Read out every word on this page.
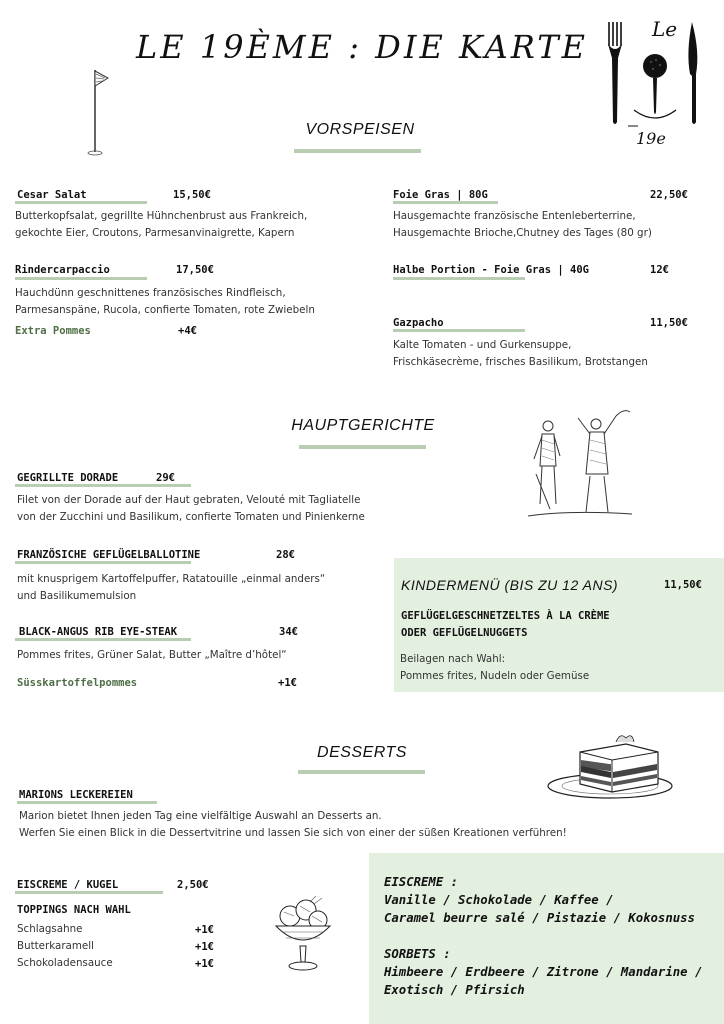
LE 19ÈME : DIE KARTE	Le
19e
VORSPEISEN
Cesar Salat	15,50€
Butterkopfsalat, gegrillte Hühnchenbrust aus Frankreich,
gekochte Eier, Croutons, Parmesanvinaigrette, Kapern
Rindercarpaccio	17,50€
Hauchdünn geschnittenes französisches Rindfleisch,
Parmesanspäne, Rucola, confierte Tomaten, rote Zwiebeln
Extra Pommes	+4€
Foie Gras | 80G	22,50€
Hausgemachte französische Entenleberterrine,
Hausgemachte Brioche,Chutney des Tages (80 gr)
Halbe Portion - Foie Gras | 40G	12€
Gazpacho	11,50€
Kalte Tomaten - und Gurkensuppe,
Frischkäsecrème, frisches Basilikum, Brotstangen
HAUPTGERICHTE
GEGRILLTE DORADE	29€
Filet von der Dorade auf der Haut gebraten, Velouté mit Tagliatelle
von der Zucchini und Basilikum, confierte Tomaten und Pinienkerne
FRANZÖSICHE GEFLÜGELBALLOTINE	28€
mit knusprigem Kartoffelpuffer, Ratatouille „einmal anders“
und Basilikumemulsion
BLACK-ANGUS RIB EYE-STEAK	34€
Pommes frites, Grüner Salat, Butter „Maître d’hôtel“
Süsskartoffelpommes	+1€
KINDERMENÜ (BIS ZU 12 ANS)	11,50€
GEFLÜGELGESCHNETZELTES À LA CRÈME
ODER GEFLÜGELNUGGETS
Beilagen nach Wahl:
Pommes frites, Nudeln oder Gemüse
DESSERTS
MARIONS LECKEREIEN
Marion bietet Ihnen jeden Tag eine vielfältige Auswahl an Desserts an.
Werfen Sie einen Blick in die Dessertvitrine und lassen Sie sich von einer der süßen Kreationen verführen!
EISCREME / KUGEL	2,50€
TOPPINGS NACH WAHL
Schlagsahne	+1€
Butterkaramell	+1€
Schokoladensauce	+1€
EISCREME :
Vanille / Schokolade / Kaffee /
Caramel beurre salé / Pistazie / Kokosnuss
SORBETS :
Himbeere / Erdbeere / Zitrone / Mandarine /
Exotisch / Pfirsich
